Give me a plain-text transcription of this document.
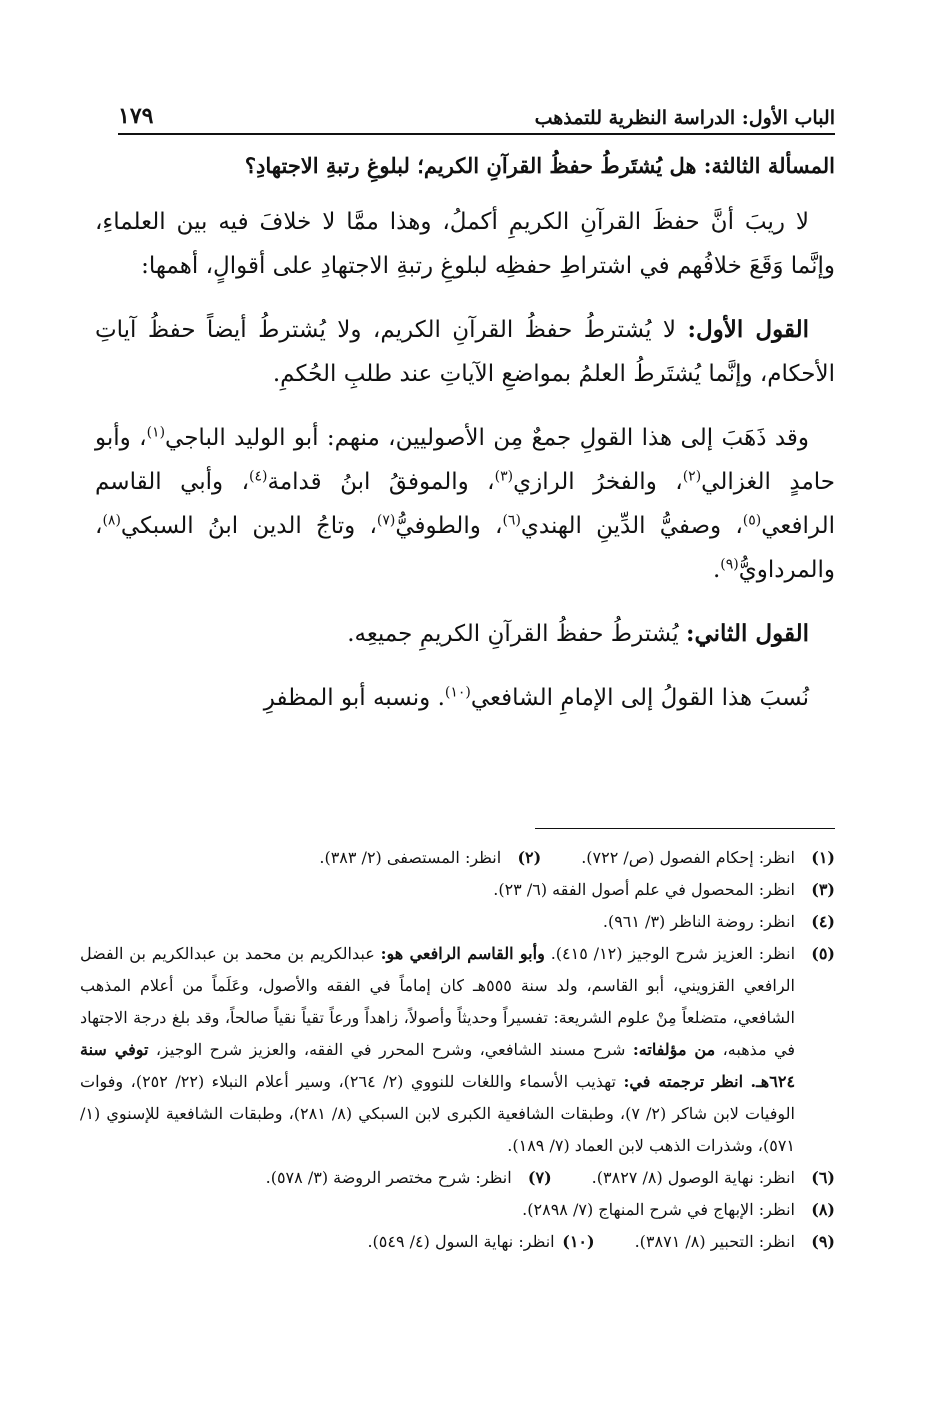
الباب الأول: الدراسة النظرية للتمذهب
١٧٩
المسألة الثالثة: هل يُشتَرطُ حفظُ القرآنِ الكريم؛ لبلوغِ رتبةِ الاجتهادِ؟

لا ريبَ أنَّ حفظَ القرآنِ الكريمِ أكملُ، وهذا ممَّا لا خلافَ فيه بين العلماءِ، وإنَّما وَقَعَ خلافُهم في اشتراطِ حفظِه لبلوغِ رتبةِ الاجتهادِ على أقوالٍ، أهمها:

القول الأول: لا يُشترطُ حفظُ القرآنِ الكريم، ولا يُشترطُ أيضاً حفظُ آياتِ الأحكام، وإنَّما يُشتَرطُ العلمُ بمواضعِ الآياتِ عند طلبِ الحُكمِ.

وقد ذَهَبَ إلى هذا القولِ جمعٌ مِن الأصوليين، منهم: أبو الوليد الباجي$^{(١)}$، وأبو حامدٍ الغزالي$^{(٢)}$، والفخرُ الرازي$^{(٣)}$، والموفقُ ابنُ قدامة$^{(٤)}$، وأبي القاسم الرافعي$^{(٥)}$، وصفيُّ الدِّينِ الهندي$^{(٦)}$، والطوفيُّ$^{(٧)}$، وتاجُ الدين ابنُ السبكي$^{(٨)}$، والمرداويُّ$^{(٩)}$.

القول الثاني: يُشترطُ حفظُ القرآنِ الكريمِ جميعِه.

نُسبَ هذا القولُ إلى الإمامِ الشافعي$^{(١٠)}$. ونسبه أبو المظفرِ

(١)
انظر: إحكام الفصول (ص/ ٧٢٢).
(٢)
انظر: المستصفى (٢/ ٣٨٣).
(٣)
انظر: المحصول في علم أصول الفقه (٦/ ٢٣).
(٤)
انظر: روضة الناظر (٣/ ٩٦١).
(٥)
انظر: العزيز شرح الوجيز (١٢/ ٤١٥). وأبو القاسم الرافعي هو: عبدالكريم بن محمد بن عبدالكريم بن الفضل الرافعي القزويني، أبو القاسم، ولد سنة ٥٥٥هـ كان إماماً في الفقه والأصول، وعَلَماً من أعلام المذهب الشافعي، متضلعاً مِنْ علوم الشريعة: تفسيراً وحديثاً وأصولاً، زاهداً ورعاً تقياً نقياً صالحاً، وقد بلغ درجة الاجتهاد في مذهبه، من مؤلفاته: شرح مسند الشافعي، وشرح المحرر في الفقه، والعزيز شرح الوجيز، توفي سنة ٦٢٤هـ. انظر ترجمته في: تهذيب الأسماء واللغات للنووي (٢/ ٢٦٤)، وسير أعلام النبلاء (٢٢/ ٢٥٢)، وفوات الوفيات لابن شاكر (٢/ ٧)، وطبقات الشافعية الكبرى لابن السبكي (٨/ ٢٨١)، وطبقات الشافعية للإسنوي (١/ ٥٧١)، وشذرات الذهب لابن العماد (٧/ ١٨٩).
(٦)
انظر: نهاية الوصول (٨/ ٣٨٢٧).
(٧)
انظر: شرح مختصر الروضة (٣/ ٥٧٨).
(٨)
انظر: الإبهاج في شرح المنهاج (٧/ ٢٨٩٨).
(٩)
انظر: التحبير (٨/ ٣٨٧١).
(١٠)
انظر: نهاية السول (٤/ ٥٤٩).
